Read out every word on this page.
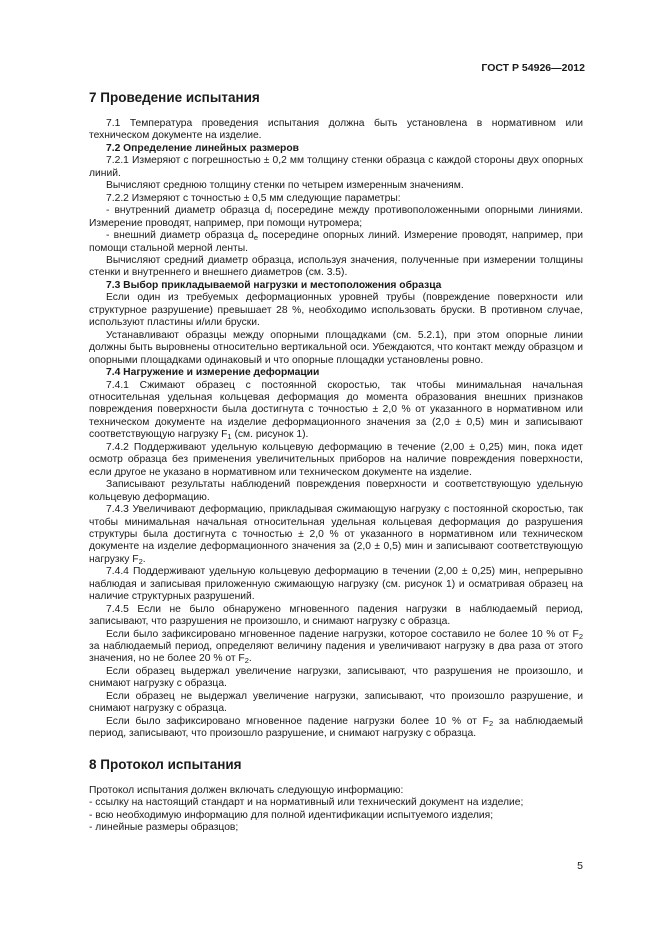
ГОСТ Р 54926—2012
7 Проведение испытания

7.1 Температура проведения испытания должна быть установлена в нормативном или техническом документе на изделие.

7.2 Определение линейных размеров

7.2.1 Измеряют с погрешностью ± 0,2 мм толщину стенки образца с каждой стороны двух опорных линий.

Вычисляют среднюю толщину стенки по четырем измеренным значениям.

7.2.2 Измеряют с точностью ± 0,5 мм следующие параметры:

- внутренний диаметр образца $d_i$ посередине между противоположенными опорными линиями. Измерение проводят, например, при помощи нутромера;

- внешний диаметр образца $d_e$ посередине опорных линий. Измерение проводят, например, при помощи стальной мерной ленты.

Вычисляют средний диаметр образца, используя значения, полученные при измерении толщины стенки и внутреннего и внешнего диаметров (см. 3.5).

7.3 Выбор прикладываемой нагрузки и местоположения образца

Если один из требуемых деформационных уровней трубы (повреждение поверхности или структурное разрушение) превышает 28 %, необходимо использовать бруски. В противном случае, используют пластины и/или бруски.

Устанавливают образцы между опорными площадками (см. 5.2.1), при этом опорные линии должны быть выровнены относительно вертикальной оси. Убеждаются, что контакт между образцом и опорными площадками одинаковый и что опорные площадки установлены ровно.

7.4 Нагружение и измерение деформации

7.4.1 Сжимают образец с постоянной скоростью, так чтобы минимальная начальная относительная удельная кольцевая деформация до момента образования внешних признаков повреждения поверхности была достигнута с точностью ± 2,0 % от указанного в нормативном или техническом документе на изделие деформационного значения за (2,0 ± 0,5) мин и записывают соответствующую нагрузку $F_1$ (см. рисунок 1).

7.4.2 Поддерживают удельную кольцевую деформацию в течение (2,00 ± 0,25) мин, пока идет осмотр образца без применения увеличительных приборов на наличие повреждения поверхности, если другое не указано в нормативном или техническом документе на изделие.

Записывают результаты наблюдений повреждения поверхности и соответствующую удельную кольцевую деформацию.

7.4.3 Увеличивают деформацию, прикладывая сжимающую нагрузку с постоянной скоростью, так чтобы минимальная начальная относительная удельная кольцевая деформация до разрушения структуры была достигнута с точностью ± 2,0 % от указанного в нормативном или техническом документе на изделие деформационного значения за (2,0 ± 0,5) мин и записывают соответствующую нагрузку $F_2$.

7.4.4 Поддерживают удельную кольцевую деформацию в течении (2,00 ± 0,25) мин, непрерывно наблюдая и записывая приложенную сжимающую нагрузку (см. рисунок 1) и осматривая образец на наличие структурных разрушений.

7.4.5 Если не было обнаружено мгновенного падения нагрузки в наблюдаемый период, записывают, что разрушения не произошло, и снимают нагрузку с образца.

Если было зафиксировано мгновенное падение нагрузки, которое составило не более 10 % от $F_2$ за наблюдаемый период, определяют величину падения и увеличивают нагрузку в два раза от этого значения, но не более 20 % от $F_2$.

Если образец выдержал увеличение нагрузки, записывают, что разрушения не произошло, и снимают нагрузку с образца.

Если образец не выдержал увеличение нагрузки, записывают, что произошло разрушение, и снимают нагрузку с образца.

Если было зафиксировано мгновенное падение нагрузки более 10 % от $F_2$ за наблюдаемый период, записывают, что произошло разрушение, и снимают нагрузку с образца.

8 Протокол испытания

Протокол испытания должен включать следующую информацию:

- ссылку на настоящий стандарт и на нормативный или технический документ на изделие;

- всю необходимую информацию для полной идентификации испытуемого изделия;

- линейные размеры образцов;

5
